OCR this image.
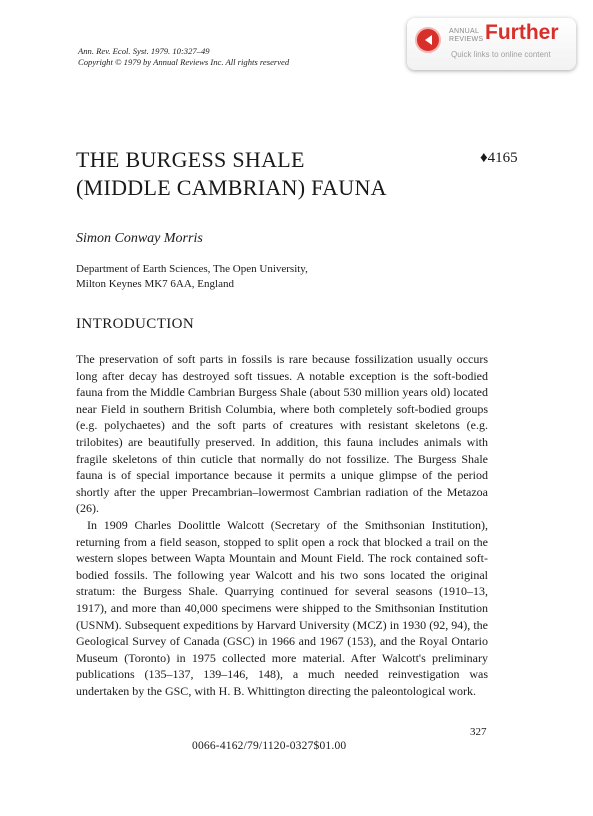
Ann. Rev. Ecol. Syst. 1979. 10:327–49
Copyright © 1979 by Annual Reviews Inc. All rights reserved
ANNUAL
REVIEWS Further
Quick links to online content
THE BURGESS SHALE
(MIDDLE CAMBRIAN) FAUNA
♦4165
Simon Conway Morris
Department of Earth Sciences, The Open University,
Milton Keynes MK7 6AA, England
INTRODUCTION

The preservation of soft parts in fossils is rare because fossilization usually occurs long after decay has destroyed soft tissues. A notable exception is the soft-bodied fauna from the Middle Cambrian Burgess Shale (about 530 million years old) located near Field in southern British Columbia, where both completely soft-bodied groups (e.g. polychaetes) and the soft parts of creatures with resistant skeletons (e.g. trilobites) are beautifully preserved. In addition, this fauna includes animals with fragile skeletons of thin cuticle that normally do not fossilize. The Burgess Shale fauna is of special importance because it permits a unique glimpse of the period shortly after the upper Precambrian–lowermost Cambrian radiation of the Metazoa (26).

In 1909 Charles Doolittle Walcott (Secretary of the Smithsonian Institution), returning from a field season, stopped to split open a rock that blocked a trail on the western slopes between Wapta Mountain and Mount Field. The rock contained soft-bodied fossils. The following year Walcott and his two sons located the original stratum: the Burgess Shale. Quarrying continued for several seasons (1910–13, 1917), and more than 40,000 specimens were shipped to the Smithsonian Institution (USNM). Subsequent expeditions by Harvard University (MCZ) in 1930 (92, 94), the Geological Survey of Canada (GSC) in 1966 and 1967 (153), and the Royal Ontario Museum (Toronto) in 1975 collected more material. After Walcott's preliminary publications (135–137, 139–146, 148), a much needed reinvestigation was undertaken by the GSC, with H. B. Whittington directing the paleontological work.

327
0066-4162/79/1120-0327$01.00
